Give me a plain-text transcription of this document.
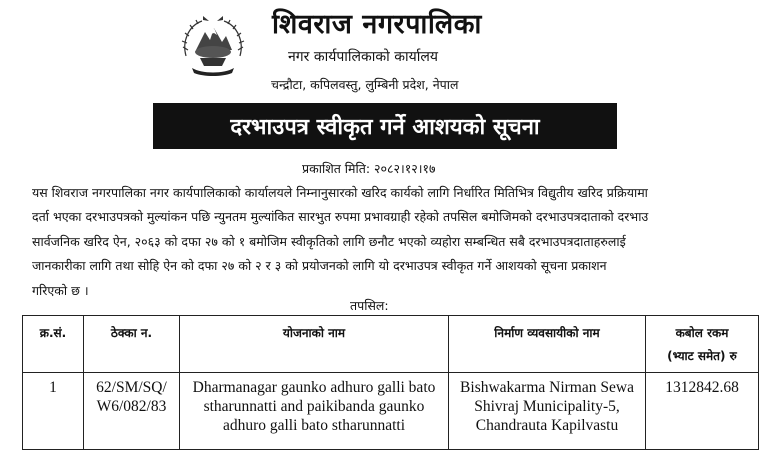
शिवराज नगरपालिका
नगर कार्यपालिकाको कार्यालय
चन्द्रौटा, कपिलवस्तु, लुम्बिनी प्रदेश, नेपाल
दरभाउपत्र स्वीकृत गर्ने आशयको सूचना
प्रकाशित मिति: २०८२।१२।१७
यस शिवराज नगरपालिका नगर कार्यपालिकाको कार्यालयले निम्नानुसारको खरिद कार्यको लागि निर्धारित मितिभित्र विद्युतीय खरिद प्रक्रियामा
दर्ता भएका दरभाउपत्रको मुल्यांकन पछि न्युनतम मुल्यांकित सारभुत रुपमा प्रभावग्राही रहेको तपसिल बमोजिमको दरभाउपत्रदाताको दरभाउ
सार्वजनिक खरिद ऐन, २०६३ को दफा २७ को १ बमोजिम स्वीकृतिको लागि छनौट भएको व्यहोरा सम्बन्धित सबै दरभाउपत्रदाताहरुलाई
जानकारीका लागि तथा सोहि ऐन को दफा २७ को २ र ३ को प्रयोजनको लागि यो दरभाउपत्र स्वीकृत गर्ने आशयको सूचना प्रकाशन
गरिएको छ ।
तपसिल:
क्र.सं.	ठेक्का न.	योजनाको नाम	निर्माण व्यवसायीको नाम	कबोल रकम
(भ्याट समेत) रु

1	62/SM/SQ/ W6/082/83	Dharmanagar gaunko adhuro galli bato stharunnatti and paikibanda gaunko adhuro galli bato stharunnatti	Bishwakarma Nirman Sewa Shivraj Municipality-5, Chandrauta Kapilvastu	1312842.68
